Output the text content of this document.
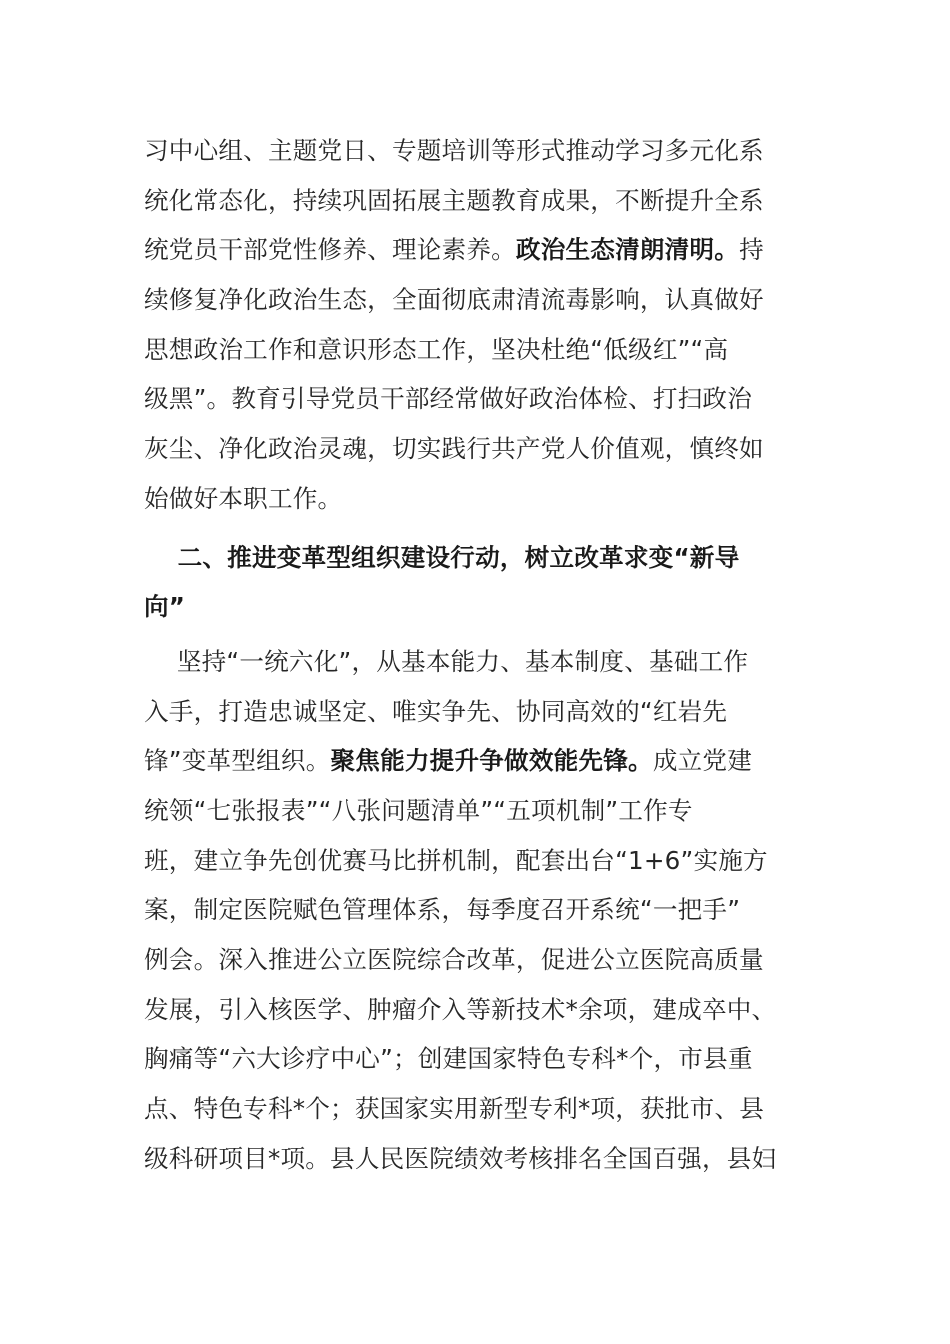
习中心组、主题党日、专题培训等形式推动学习多元化系
统化常态化，持续巩固拓展主题教育成果，不断提升全系
统党员干部党性修养、理论素养。政治生态清朗清明。持
续修复净化政治生态，全面彻底肃清流毒影响，认真做好
思想政治工作和意识形态工作，坚决杜绝“低级红”“高
级黑”。教育引导党员干部经常做好政治体检、打扫政治
灰尘、净化政治灵魂，切实践行共产党人价值观，慎终如
始做好本职工作。
  二、推进变革型组织建设行动，树立改革求变“新导
向”
  坚持“一统六化”，从基本能力、基本制度、基础工作
入手，打造忠诚坚定、唯实争先、协同高效的“红岩先
锋”变革型组织。聚焦能力提升争做效能先锋。成立党建
统领“七张报表”“八张问题清单”“五项机制”工作专
班，建立争先创优赛马比拼机制，配套出台“1+6”实施方
案，制定医院赋色管理体系，每季度召开系统“一把手”
例会。深入推进公立医院综合改革，促进公立医院高质量
发展，引入核医学、肿瘤介入等新技术*余项，建成卒中、
胸痛等“六大诊疗中心”；创建国家特色专科*个，市县重
点、特色专科*个；获国家实用新型专利*项，获批市、县
级科研项目*项。县人民医院绩效考核排名全国百强，县妇
